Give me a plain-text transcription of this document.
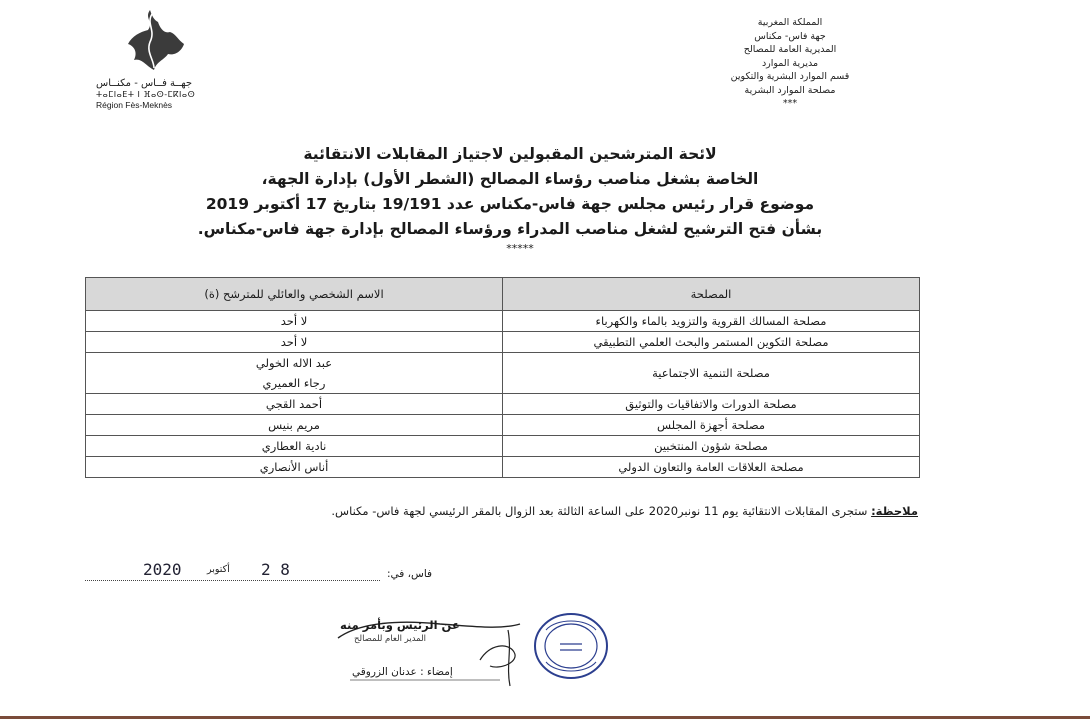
المملكة المغربية
جهة فاس- مكناس
المديرية العامة للمصالح
مديرية الموارد
قسم الموارد البشرية والتكوين
مصلحة الموارد البشرية
***
جهــة فــاس - مكنــاس
ⵜⴰⵎⵏⴰⴹⵜ ⵏ ⴼⴰⵙ-ⵎⴽⵏⴰⵙ
Région Fès-Meknès
لائحة المترشحين المقبولين لاجتياز المقابلات الانتقائية
الخاصة بشغل مناصب رؤساء المصالح (الشطر الأول) بإدارة الجهة،
موضوع قرار رئيس مجلس جهة فاس-مكناس عدد 19/191 بتاريخ 17 أكتوبر 2019
بشأن فتح الترشيح لشغل مناصب المدراء ورؤساء المصالح بإدارة جهة فاس-مكناس.
*****
المصلحة	الاسم الشخصي والعائلي للمترشح (ة)
مصلحة المسالك القروية والتزويد بالماء والكهرباء	لا أحد
مصلحة التكوين المستمر والبحث العلمي التطبيقي	لا أحد
مصلحة التنمية الاجتماعية	عبد الاله الخولي
رجاء العميري

مصلحة الدورات والاتفاقيات والتوثيق	أحمد القجي
مصلحة أجهزة المجلس	مريم بنيس
مصلحة شؤون المنتخبين	نادية العطاري
مصلحة العلاقات العامة والتعاون الدولي	أناس الأنصاري
ملاحظة: ستجرى المقابلات الانتقائية يوم 11 نونبر2020 على الساعة الثالثة بعد الزوال بالمقر الرئيسي لجهة فاس- مكناس.
2020	أكتوبر 2 8	فاس، في:
عن الرئيس وبأمر منه
المدير العام للمصالح
إمضاء : عدنان الزروقي
